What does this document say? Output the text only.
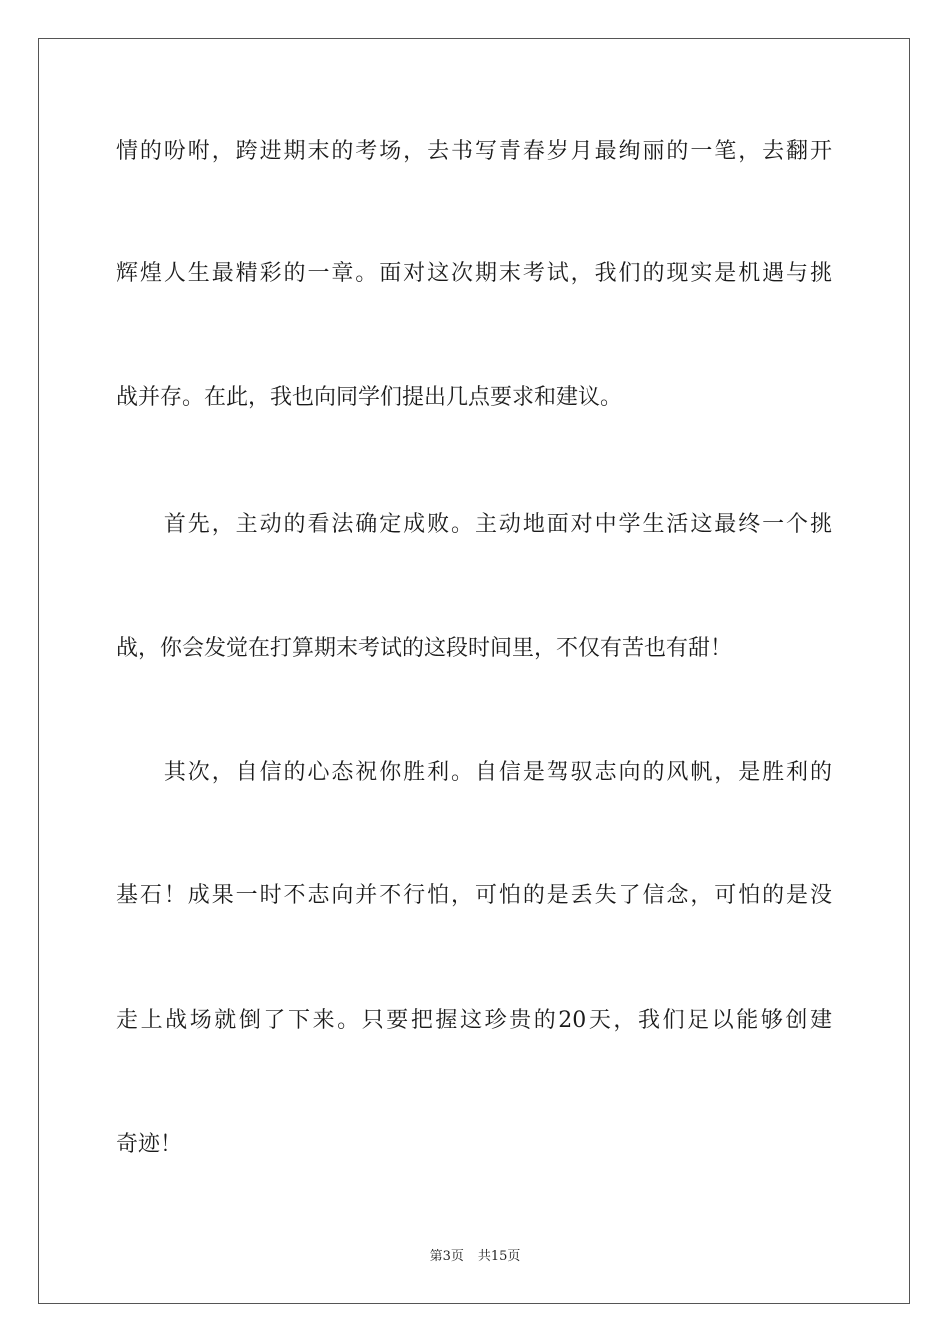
情的吩咐，跨进期末的考场，去书写青春岁月最绚丽的一笔，去翻开
辉煌人生最精彩的一章。面对这次期末考试，我们的现实是机遇与挑
战并存。在此，我也向同学们提出几点要求和建议。
　　首先，主动的看法确定成败。主动地面对中学生活这最终一个挑
战，你会发觉在打算期末考试的这段时间里，不仅有苦也有甜！
　　其次，自信的心态祝你胜利。自信是驾驭志向的风帆，是胜利的
基石！成果一时不志向并不行怕，可怕的是丢失了信念，可怕的是没
走上战场就倒了下来。只要把握这珍贵的20天，我们足以能够创建
奇迹！
第3页 共15页
